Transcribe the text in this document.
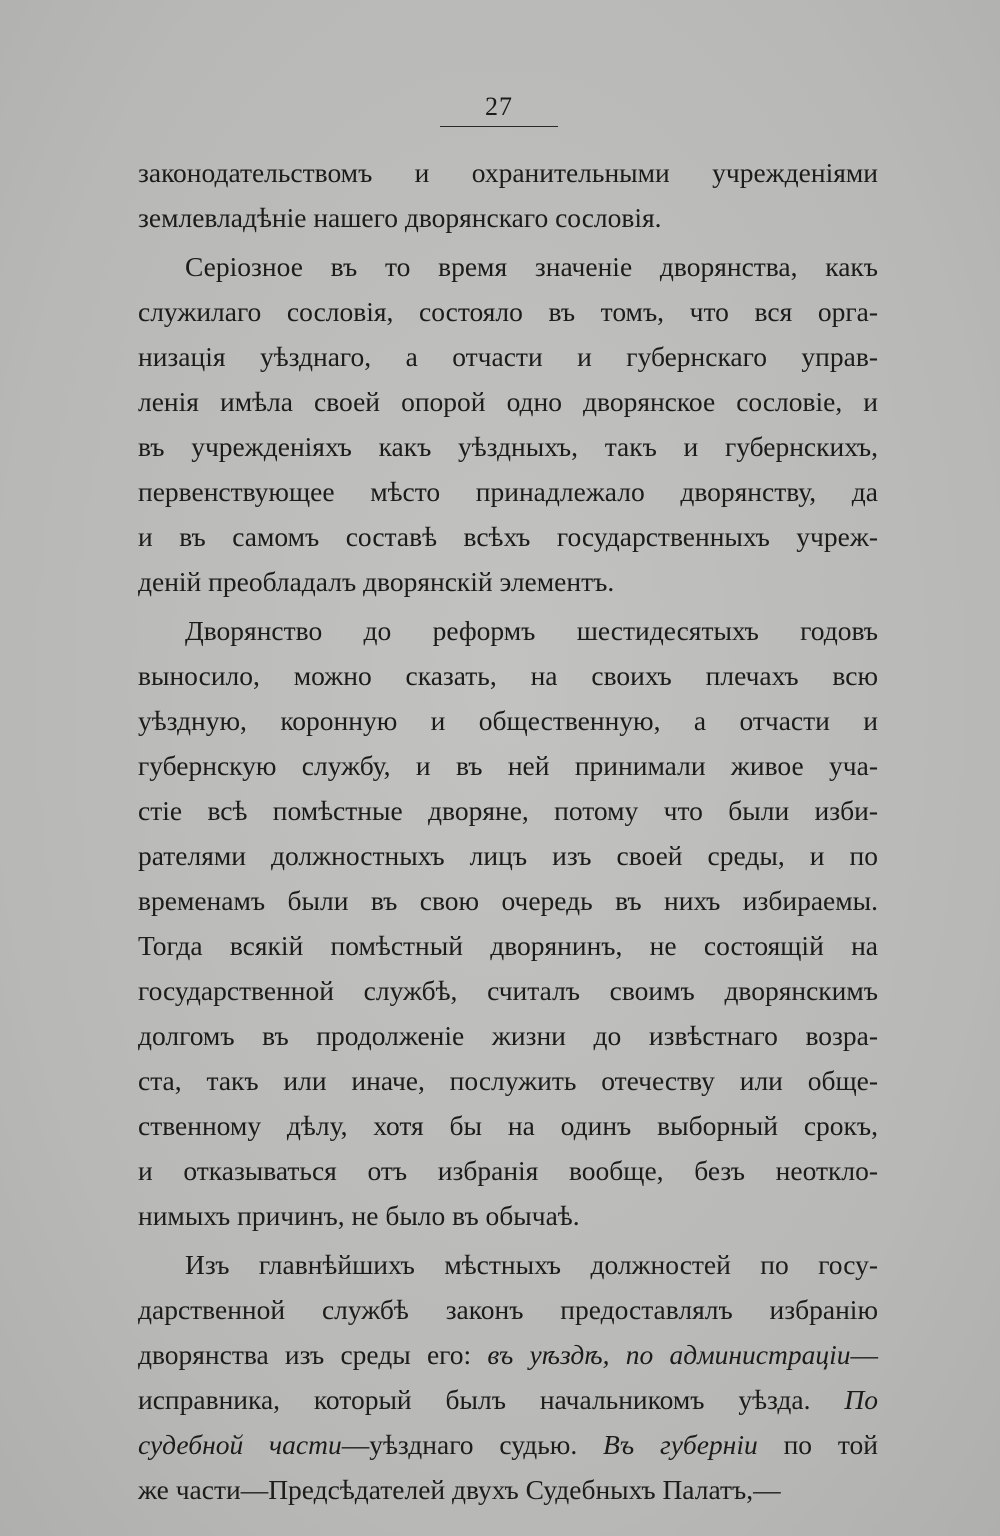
27
законодательствомъ и охранительными учрежденіями
землевладѣніе нашего дворянскаго сословія.
Серіозное въ то время значеніе дворянства, какъ
служилаго сословія, состояло въ томъ, что вся орга-
низація уѣзднаго, а отчасти и губернскаго управ-
ленія имѣла своей опорой одно дворянское сословіе, и
въ учрежденіяхъ какъ уѣздныхъ, такъ и губернскихъ,
первенствующее мѣсто принадлежало дворянству, да
и въ самомъ составѣ всѣхъ государственныхъ учреж-
деній преобладалъ дворянскій элементъ.
Дворянство до реформъ шестидесятыхъ годовъ
выносило, можно сказать, на своихъ плечахъ всю
уѣздную, коронную и общественную, а отчасти и
губернскую службу, и въ ней принимали живое уча-
стіе всѣ помѣстные дворяне, потому что были изби-
рателями должностныхъ лицъ изъ своей среды, и по
временамъ были въ свою очередь въ нихъ избираемы.
Тогда всякій помѣстный дворянинъ, не состоящій на
государственной службѣ, считалъ своимъ дворянскимъ
долгомъ въ продолженіе жизни до извѣстнаго возра-
ста, такъ или иначе, послужить отечеству или обще-
ственному дѣлу, хотя бы на одинъ выборный срокъ,
и отказываться отъ избранія вообще, безъ неоткло-
нимыхъ причинъ, не было въ обычаѣ.
Изъ главнѣйшихъ мѣстныхъ должностей по госу-
дарственной службѣ законъ предоставлялъ избранію
дворянства изъ среды его: въ уѣздѣ, по администраціи—
исправника, который былъ начальникомъ уѣзда. По
судебной части—уѣзднаго судью. Въ губерніи по той
же части—Предсѣдателей двухъ Судебныхъ Палатъ,—
